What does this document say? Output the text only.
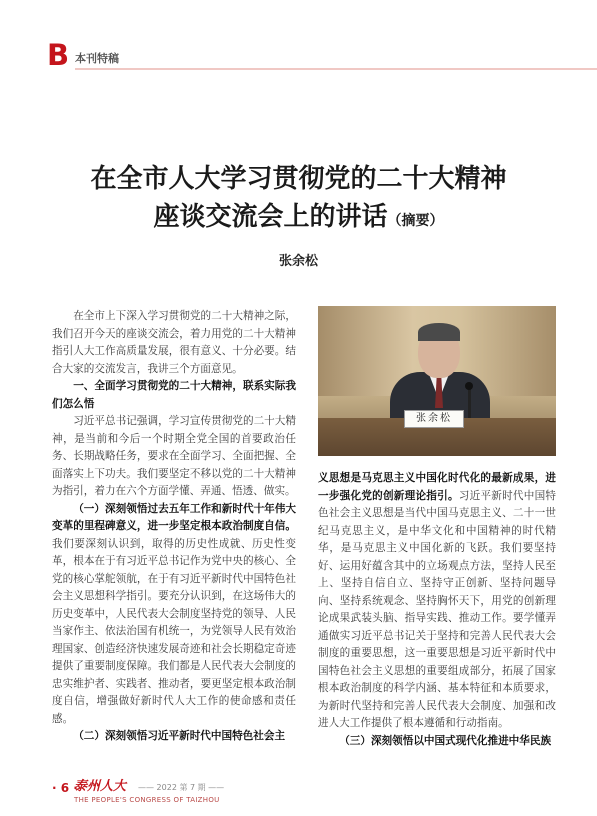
B 本刊特稿
在全市人大学习贯彻党的二十大精神
座谈交流会上的讲话（摘要）
张余松

在全市上下深入学习贯彻党的二十大精神之际，我们召开今天的座谈交流会，着力用党的二十大精神指引人大工作高质量发展，很有意义、十分必要。结合大家的交流发言，我讲三个方面意见。

一、全面学习贯彻党的二十大精神，联系实际我们怎么悟

习近平总书记强调，学习宣传贯彻党的二十大精神，是当前和今后一个时期全党全国的首要政治任务、长期战略任务，要求在全面学习、全面把握、全面落实上下功夫。我们要坚定不移以党的二十大精神为指引，着力在六个方面学懂、弄通、悟透、做实。

（一）深刻领悟过去五年工作和新时代十年伟大变革的里程碑意义，进一步坚定根本政治制度自信。我们要深刻认识到，取得的历史性成就、历史性变革，根本在于有习近平总书记作为党中央的核心、全党的核心掌舵领航，在于有习近平新时代中国特色社会主义思想科学指引。要充分认识到，在这场伟大的历史变革中，人民代表大会制度坚持党的领导、人民当家作主、依法治国有机统一，为党领导人民有效治理国家、创造经济快速发展奇迹和社会长期稳定奇迹提供了重要制度保障。我们都是人民代表大会制度的忠实维护者、实践者、推动者，要更坚定根本政治制度自信，增强做好新时代人大工作的使命感和责任感。

（二）深刻领悟习近平新时代中国特色社会主

张余松

义思想是马克思主义中国化时代化的最新成果，进一步强化党的创新理论指引。习近平新时代中国特色社会主义思想是当代中国马克思主义、二十一世纪马克思主义，是中华文化和中国精神的时代精华，是马克思主义中国化新的飞跃。我们要坚持好、运用好蕴含其中的立场观点方法，坚持人民至上、坚持自信自立、坚持守正创新、坚持问题导向、坚持系统观念、坚持胸怀天下，用党的创新理论成果武装头脑、指导实践、推动工作。要学懂弄通做实习近平总书记关于坚持和完善人民代表大会制度的重要思想，这一重要思想是习近平新时代中国特色社会主义思想的重要组成部分，拓展了国家根本政治制度的科学内涵、基本特征和本质要求，为新时代坚持和完善人民代表大会制度、加强和改进人大工作提供了根本遵循和行动指南。

（三）深刻领悟以中国式现代化推进中华民族

· 6 ·
泰州人大 —— 2022 第 7 期 ——
THE PEOPLE'S CONGRESS OF TAIZHOU
